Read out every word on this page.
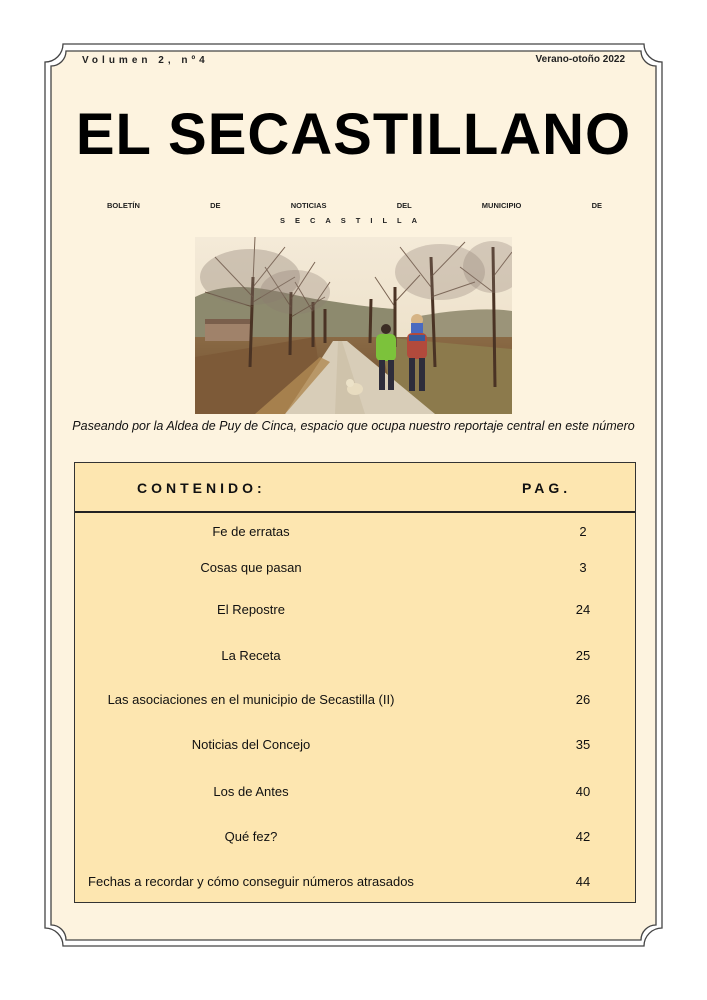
Volumen 2, nº4	Verano-otoño 2022
EL SECASTILLANO
BOLETÍN DE NOTICIAS DEL MUNICIPIO DE
SECASTILLA
Paseando por la Aldea de Puy de Cinca, espacio que ocupa nuestro reportaje central en este número
CONTENIDO:	PAG.
Fe de erratas	2
Cosas que pasan	3
El Repostre	24
La Receta	25
Las asociaciones en el municipio de Secastilla (II)	26
Noticias del Concejo	35
Los de Antes	40
Qué fez?	42
Fechas a recordar y cómo conseguir números atrasados	44
